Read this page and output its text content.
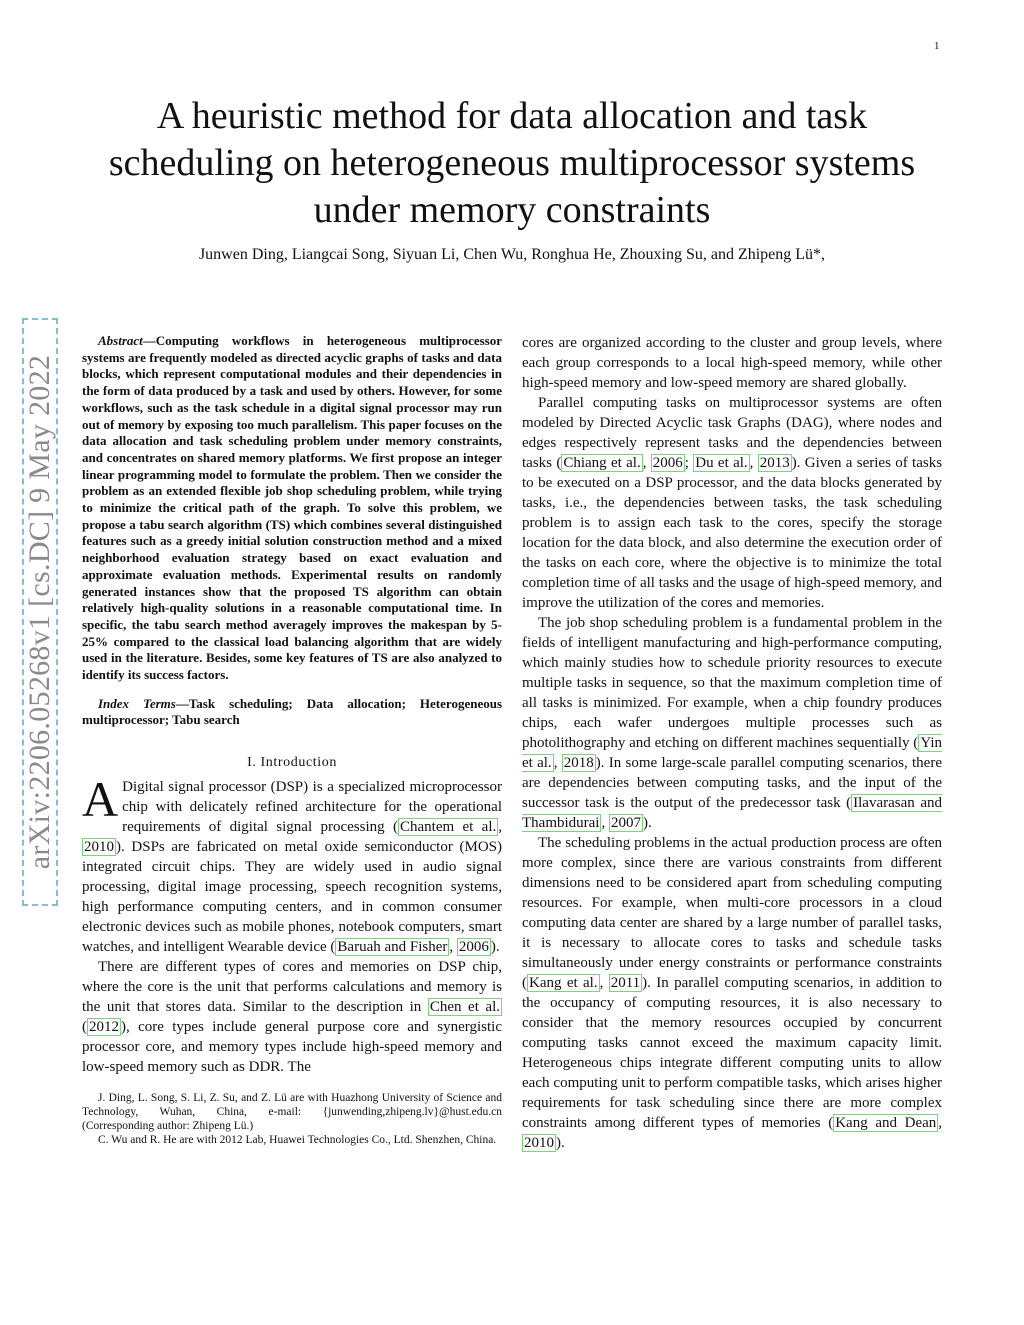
1
arXiv:2206.05268v1 [cs.DC] 9 May 2022
A heuristic method for data allocation and task scheduling on heterogeneous multiprocessor systems under memory constraints
Junwen Ding, Liangcai Song, Siyuan Li, Chen Wu, Ronghua He, Zhouxing Su, and Zhipeng Lü*,

Abstract—Computing workflows in heterogeneous multiprocessor systems are frequently modeled as directed acyclic graphs of tasks and data blocks, which represent computational modules and their dependencies in the form of data produced by a task and used by others. However, for some workflows, such as the task schedule in a digital signal processor may run out of memory by exposing too much parallelism. This paper focuses on the data allocation and task scheduling problem under memory constraints, and concentrates on shared memory platforms. We first propose an integer linear programming model to formulate the problem. Then we consider the problem as an extended flexible job shop scheduling problem, while trying to minimize the critical path of the graph. To solve this problem, we propose a tabu search algorithm (TS) which combines several distinguished features such as a greedy initial solution construction method and a mixed neighborhood evaluation strategy based on exact evaluation and approximate evaluation methods. Experimental results on randomly generated instances show that the proposed TS algorithm can obtain relatively high-quality solutions in a reasonable computational time. In specific, the tabu search method averagely improves the makespan by 5-25% compared to the classical load balancing algorithm that are widely used in the literature. Besides, some key features of TS are also analyzed to identify its success factors.

Index Terms—Task scheduling; Data allocation; Heterogeneous multiprocessor; Tabu search

I. Introduction

A Digital signal processor (DSP) is a specialized microprocessor chip with delicately refined architecture for the operational requirements of digital signal processing ( Chantem et al. , 2010 ). DSPs are fabricated on metal oxide semiconductor (MOS) integrated circuit chips. They are widely used in audio signal processing, digital image processing, speech recognition systems, high performance computing centers, and in common consumer electronic devices such as mobile phones, notebook computers, smart watches, and intelligent Wearable device ( Baruah and Fisher , 2006 ).

There are different types of cores and memories on DSP chip, where the core is the unit that performs calculations and memory is the unit that stores data. Similar to the description in Chen et al. ( 2012 ), core types include general purpose core and synergistic processor core, and memory types include high-speed memory and low-speed memory such as DDR. The

J. Ding, L. Song, S. Li, Z. Su, and Z. Lü are with Huazhong University of Science and Technology, Wuhan, China, e-mail: {junwending,zhipeng.lv}@hust.edu.cn (Corresponding author: Zhipeng Lü.)

C. Wu and R. He are with 2012 Lab, Huawei Technologies Co., Ltd. Shenzhen, China.

cores are organized according to the cluster and group levels, where each group corresponds to a local high-speed memory, while other high-speed memory and low-speed memory are shared globally.

Parallel computing tasks on multiprocessor systems are often modeled by Directed Acyclic task Graphs (DAG), where nodes and edges respectively represent tasks and the dependencies between tasks ( Chiang et al. , 2006 ; Du et al. , 2013 ). Given a series of tasks to be executed on a DSP processor, and the data blocks generated by tasks, i.e., the dependencies between tasks, the task scheduling problem is to assign each task to the cores, specify the storage location for the data block, and also determine the execution order of the tasks on each core, where the objective is to minimize the total completion time of all tasks and the usage of high-speed memory, and improve the utilization of the cores and memories.

The job shop scheduling problem is a fundamental problem in the fields of intelligent manufacturing and high-performance computing, which mainly studies how to schedule priority resources to execute multiple tasks in sequence, so that the maximum completion time of all tasks is minimized. For example, when a chip foundry produces chips, each wafer undergoes multiple processes such as photolithography and etching on different machines sequentially ( Yin et al. , 2018 ). In some large-scale parallel computing scenarios, there are dependencies between computing tasks, and the input of the successor task is the output of the predecessor task ( Ilavarasan and Thambidurai , 2007 ).

The scheduling problems in the actual production process are often more complex, since there are various constraints from different dimensions need to be considered apart from scheduling computing resources. For example, when multi-core processors in a cloud computing data center are shared by a large number of parallel tasks, it is necessary to allocate cores to tasks and schedule tasks simultaneously under energy constraints or performance constraints ( Kang et al. , 2011 ). In parallel computing scenarios, in addition to the occupancy of computing resources, it is also necessary to consider that the memory resources occupied by concurrent computing tasks cannot exceed the maximum capacity limit. Heterogeneous chips integrate different computing units to allow each computing unit to perform compatible tasks, which arises higher requirements for task scheduling since there are more complex constraints among different types of memories ( Kang and Dean , 2010 ).
